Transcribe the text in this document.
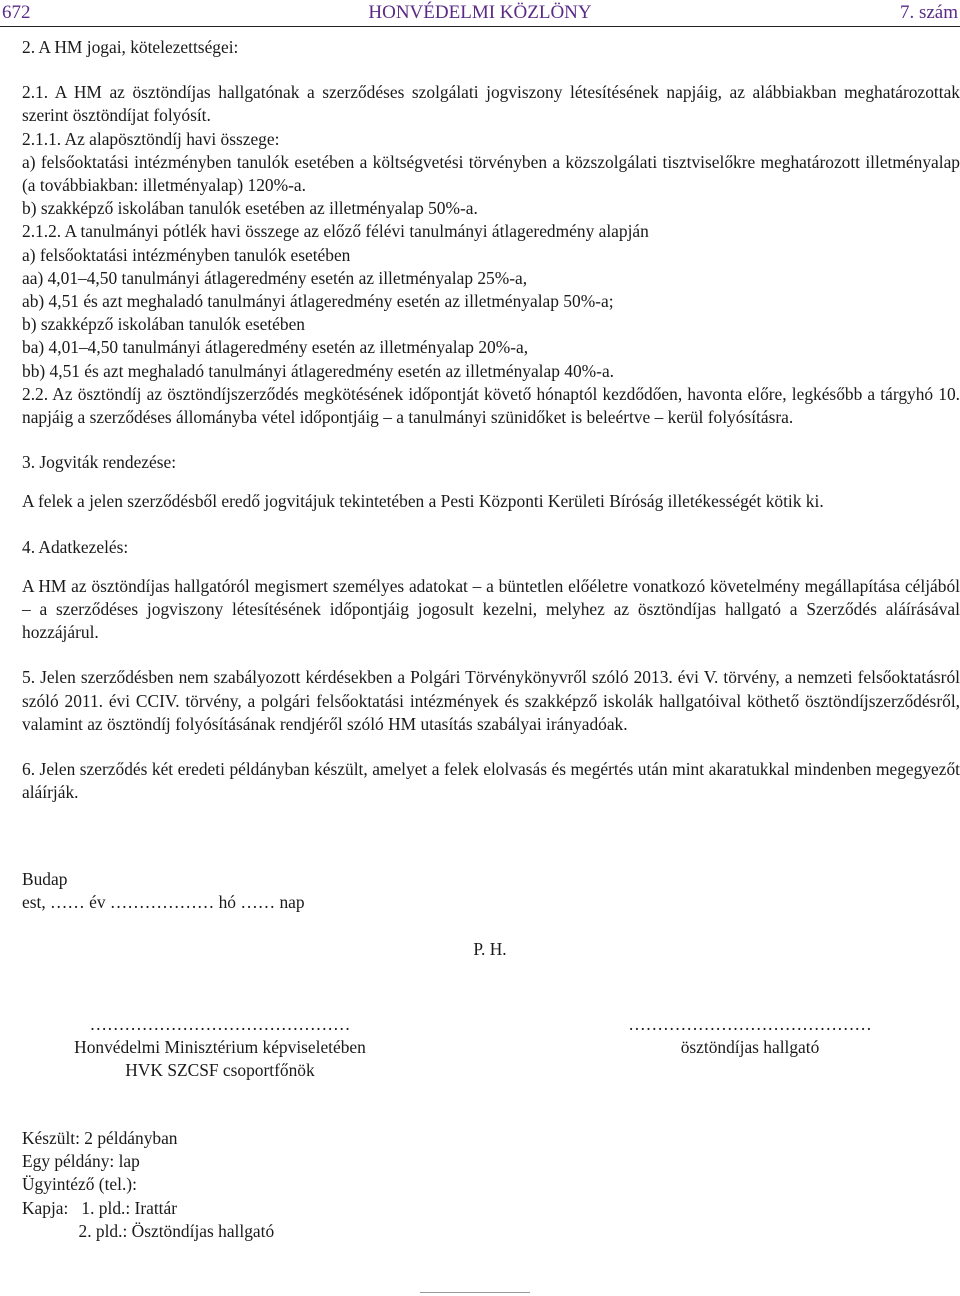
672	HONVÉDELMI KÖZLÖNY	7. szám

2. A HM jogai, kötelezettségei:

2.1. A HM az ösztöndíjas hallgatónak a szerződéses szolgálati jogviszony létesítésének napjáig, az alábbiakban meghatározottak szerint ösztöndíjat folyósít.

2.1.1. Az alapösztöndíj havi összege:

a) felsőoktatási intézményben tanulók esetében a költségvetési törvényben a közszolgálati tisztviselőkre meghatározott illetményalap (a továbbiakban: illetményalap) 120%-a.

b) szakképző iskolában tanulók esetében az illetményalap 50%-a.

2.1.2. A tanulmányi pótlék havi összege az előző félévi tanulmányi átlageredmény alapján

a) felsőoktatási intézményben tanulók esetében

aa) 4,01–4,50 tanulmányi átlageredmény esetén az illetményalap 25%-a,

ab) 4,51 és azt meghaladó tanulmányi átlageredmény esetén az illetményalap 50%-a;

b) szakképző iskolában tanulók esetében

ba) 4,01–4,50 tanulmányi átlageredmény esetén az illetményalap 20%-a,

bb) 4,51 és azt meghaladó tanulmányi átlageredmény esetén az illetményalap 40%-a.

2.2. Az ösztöndíj az ösztöndíjszerződés megkötésének időpontját követő hónaptól kezdődően, havonta előre, legkésőbb a tárgyhó 10. napjáig a szerződéses állományba vétel időpontjáig – a tanulmányi szünidőket is beleértve – kerül folyósításra.

3. Jogviták rendezése:

A felek a jelen szerződésből eredő jogvitájuk tekintetében a Pesti Központi Kerületi Bíróság illetékességét kötik ki.

4. Adatkezelés:

A HM az ösztöndíjas hallgatóról megismert személyes adatokat – a büntetlen előéletre vonatkozó követelmény megállapítása céljából – a szerződéses jogviszony létesítésének időpontjáig jogosult kezelni, melyhez az ösztöndíjas hallgató a Szerződés aláírásával hozzájárul.

5. Jelen szerződésben nem szabályozott kérdésekben a Polgári Törvénykönyvről szóló 2013. évi V. törvény, a nemzeti felsőoktatásról szóló 2011. évi CCIV. törvény, a polgári felsőoktatási intézmények és szakképző iskolák hallgatóival köthető ösztöndíjszerződésről, valamint az ösztöndíj folyósításának rendjéről szóló HM utasítás szabályai irányadóak.

6. Jelen szerződés két eredeti példányban készült, amelyet a felek elolvasás és megértés után mint akaratukkal mindenben megegyezőt aláírják.

Budap
est, …… év ……………… hó …… nap
P. H.
………………………………………
Honvédelmi Minisztérium képviseletében
HVK SZCSF csoportfőnök
……………………………………
ösztöndíjas hallgató
Készült: 2 példányban
Egy példány: lap
Ügyintéző (tel.):
Kapja:   1. pld.: Irattár
2. pld.: Ösztöndíjas hallgató
